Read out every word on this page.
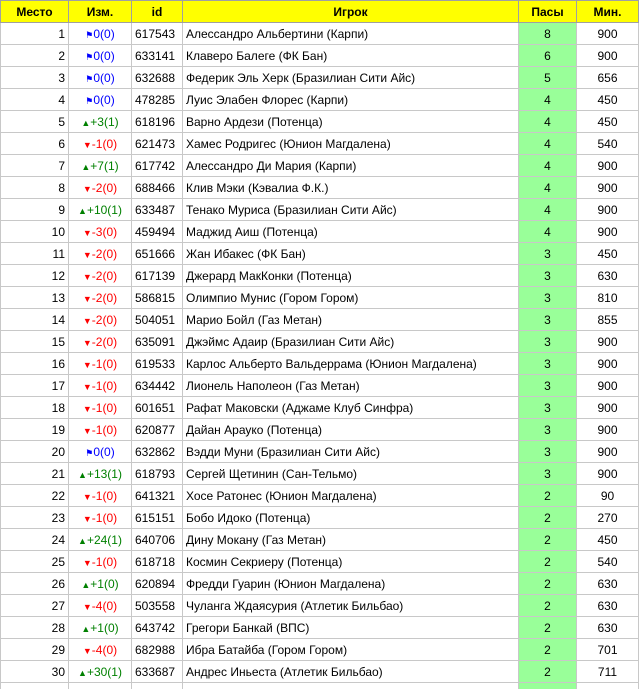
Место	Изм.	id	Игрок	Пасы	Мин.
1	⚑0(0)	617543	Алессандро Альбертини (Карпи)	8	900
2	⚑0(0)	633141	Клаверо Балеге (ФК Бан)	6	900
3	⚑0(0)	632688	Федерик Эль Херк (Бразилиан Сити Айс)	5	656
4	⚑0(0)	478285	Луис Элабен Флорес (Карпи)	4	450
5	▲+3(1)	618196	Варно Ардези (Потенца)	4	450
6	▼-1(0)	621473	Хамес Родригес (Юнион Магдалена)	4	540
7	▲+7(1)	617742	Алессандро Ди Мария (Карпи)	4	900
8	▼-2(0)	688466	Клив Мэки (Кэвалиа Ф.К.)	4	900
9	▲+10(1)	633487	Тенако Муриса (Бразилиан Сити Айс)	4	900
10	▼-3(0)	459494	Маджид Аиш (Потенца)	4	900
11	▼-2(0)	651666	Жан Ибакес (ФК Бан)	3	450
12	▼-2(0)	617139	Джерард МакКонки (Потенца)	3	630
13	▼-2(0)	586815	Олимпио Мунис (Гором Гором)	3	810
14	▼-2(0)	504051	Марио Бойл (Газ Метан)	3	855
15	▼-2(0)	635091	Джэймс Адаир (Бразилиан Сити Айс)	3	900
16	▼-1(0)	619533	Карлос Альберто Вальдеррама (Юнион Магдалена)	3	900
17	▼-1(0)	634442	Лионель Наполеон (Газ Метан)	3	900
18	▼-1(0)	601651	Рафат Маковски (Аджаме Клуб Синфра)	3	900
19	▼-1(0)	620877	Дайан Арауко (Потенца)	3	900
20	⚑0(0)	632862	Вэдди Муни (Бразилиан Сити Айс)	3	900
21	▲+13(1)	618793	Сергей Щетинин (Сан-Тельмо)	3	900
22	▼-1(0)	641321	Хосе Ратонес (Юнион Магдалена)	2	90
23	▼-1(0)	615151	Бобо Идоко (Потенца)	2	270
24	▲+24(1)	640706	Дину Мокану (Газ Метан)	2	450
25	▼-1(0)	618718	Космин Секриеру (Потенца)	2	540
26	▲+1(0)	620894	Фредди Гуарин (Юнион Магдалена)	2	630
27	▼-4(0)	503558	Чуланга Ждаясурия (Атлетик Бильбао)	2	630
28	▲+1(0)	643742	Грегори Банкай (ВПС)	2	630
29	▼-4(0)	682988	Ибра Батайба (Гором Гором)	2	701
30	▲+30(1)	633687	Андрес Иньеста (Атлетик Бильбао)	2	711
